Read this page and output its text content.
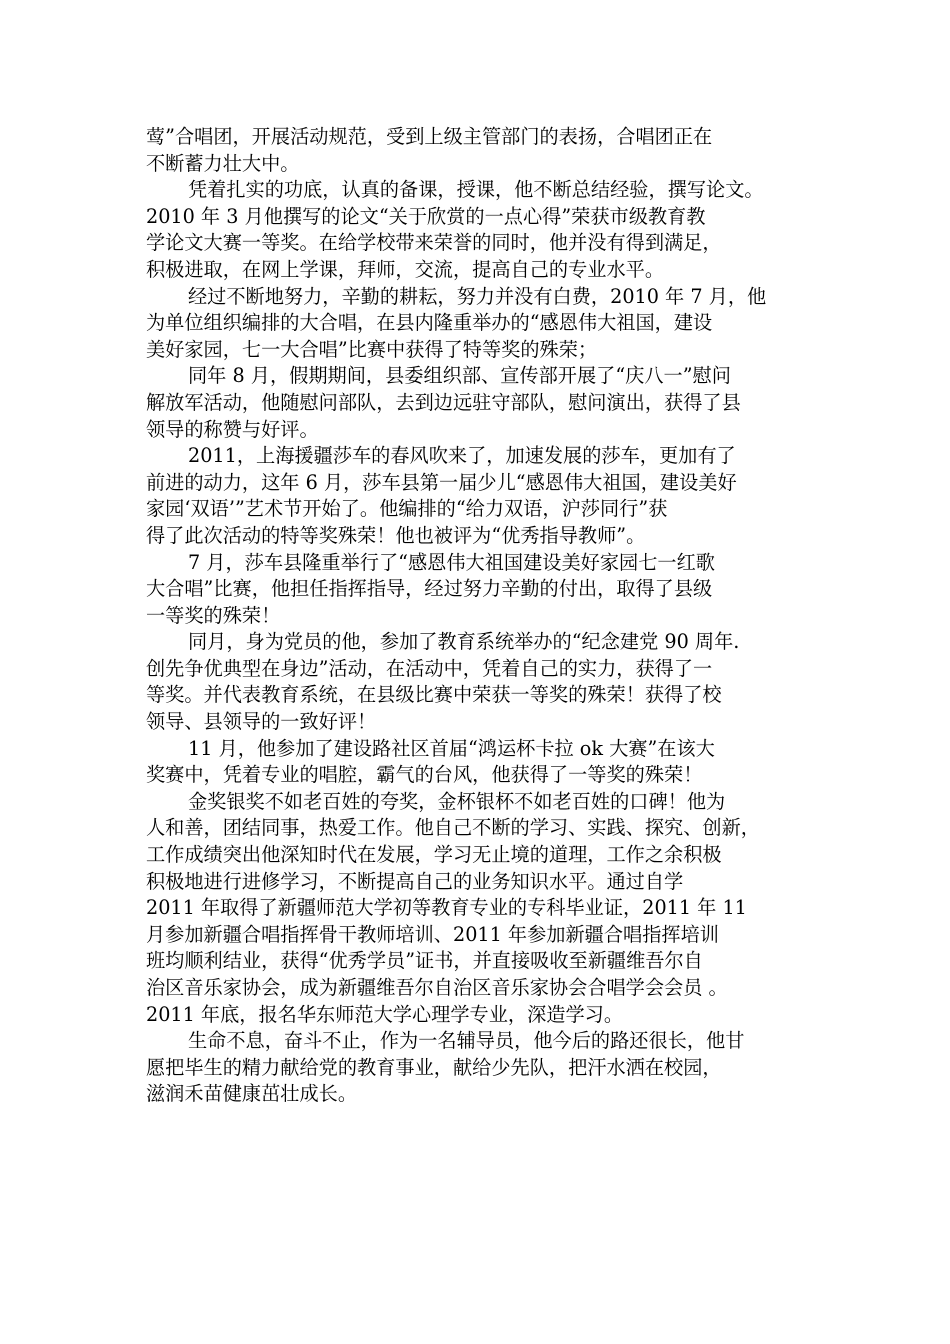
莺”合唱团，开展活动规范，受到上级主管部门的表扬，合唱团正在
不断蓄力壮大中。
凭着扎实的功底，认真的备课，授课，他不断总结经验，撰写论文。
2010 年 3 月他撰写的论文“关于欣赏的一点心得”荣获市级教育教
学论文大赛一等奖。在给学校带来荣誉的同时，他并没有得到满足，
积极进取，在网上学课，拜师，交流，提高自己的专业水平。
经过不断地努力，辛勤的耕耘，努力并没有白费，2010 年 7 月，他
为单位组织编排的大合唱，在县内隆重举办的“感恩伟大祖国，建设
美好家园，七一大合唱”比赛中获得了特等奖的殊荣；
同年 8 月，假期期间，县委组织部、宣传部开展了“庆八一”慰问
解放军活动，他随慰问部队，去到边远驻守部队，慰问演出，获得了县
领导的称赞与好评。
2011，上海援疆莎车的春风吹来了，加速发展的莎车，更加有了
前进的动力，这年 6 月，莎车县第一届少儿“感恩伟大祖国，建设美好
家园‘双语’”艺术节开始了。他编排的“给力双语，沪莎同行”获
得了此次活动的特等奖殊荣！他也被评为“优秀指导教师”。
7 月，莎车县隆重举行了“感恩伟大祖国建设美好家园七一红歌
大合唱”比赛，他担任指挥指导，经过努力辛勤的付出，取得了县级
一等奖的殊荣！
同月，身为党员的他，参加了教育系统举办的“纪念建党 90 周年.
创先争优典型在身边”活动，在活动中，凭着自己的实力，获得了一
等奖。并代表教育系统，在县级比赛中荣获一等奖的殊荣！获得了校
领导、县领导的一致好评！
11 月，他参加了建设路社区首届“鸿运杯卡拉 ok 大赛”在该大
奖赛中，凭着专业的唱腔，霸气的台风，他获得了一等奖的殊荣！
金奖银奖不如老百姓的夸奖，金杯银杯不如老百姓的口碑！他为
人和善，团结同事，热爱工作。他自己不断的学习、实践、探究、创新，
工作成绩突出他深知时代在发展，学习无止境的道理，工作之余积极
积极地进行进修学习，不断提高自己的业务知识水平。通过自学
2011 年取得了新疆师范大学初等教育专业的专科毕业证，2011 年 11
月参加新疆合唱指挥骨干教师培训、2011 年参加新疆合唱指挥培训
班均顺利结业，获得“优秀学员”证书，并直接吸收至新疆维吾尔自
治区音乐家协会，成为新疆维吾尔自治区音乐家协会合唱学会会员 。
2011 年底，报名华东师范大学心理学专业，深造学习。
生命不息，奋斗不止，作为一名辅导员，他今后的路还很长，他甘
愿把毕生的精力献给党的教育事业，献给少先队，把汗水洒在校园，
滋润禾苗健康茁壮成长。
